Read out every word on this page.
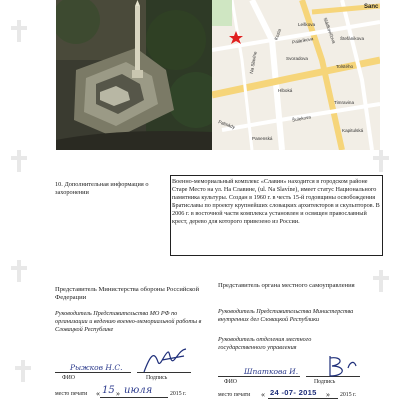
Sanc
Leškova
Kozia
Palisády
Na Slavíne
Timravina
Tolstého
Svoradova
Šulekova
Palárikova
Panenská
Sládkovičova
Kapitulská
Hlboká
Štefánikova
10. Дополнительная информация о захоронении
Военно-мемориальный комплекс «Славин» находится в городском районе Старе Место на ул. На Славине, (ul. Na Slavíne), имеет статус Национального памятника культуры. Создан в 1960 г. в честь 15-й годовщины освобождения Братиславы по проекту крупнейших словацких архитекторов и скульпторов. В 2006 г. в восточной части комплекса установлен и освящен православный крест, дерево для которого привезено из России.
Представитель Министерства обороны Российской Федерации
Руководитель Представительства МО РФ по организации и ведению военно-мемориальной работы в Словацкой Республике
Рыжков Н.С.
ФИО	Подпись
место печати « 15 » июля	2015 г.
Представитель органа местного самоуправления
Руководитель Представительства Министерства внутренних дел Словацкой Республики
Руководитель отделения местного государственного управления
Шпаткова И.
ФИО	Подпись
место печати « 24 -07- 2015 » 2015 г.
